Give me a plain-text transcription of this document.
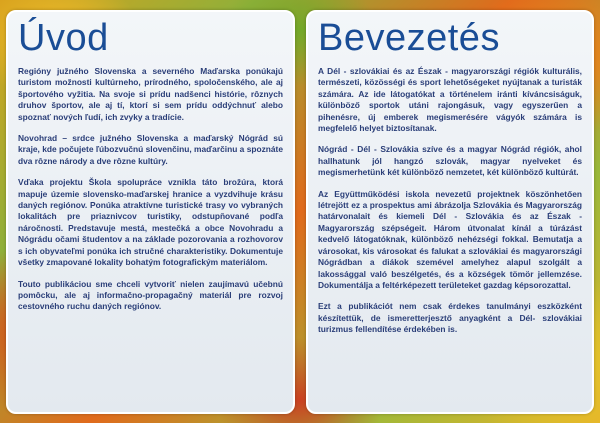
Úvod

Regióny južného Slovenska a severného Maďarska ponúkajú turistom možnosti kultúrneho, prírodného, spoločenského, ale aj športového vyžitia. Na svoje si prídu nadšenci histórie, rôznych druhov športov, ale aj tí, ktorí si sem prídu oddýchnuť alebo spoznať nových ľudí, ich zvyky a tradície.

Novohrad – srdce južného Slovenska a maďarský Nógrád sú kraje, kde počujete ľúbozvučnú slovenčinu, maďarčinu a spoznáte dva rôzne národy a dve rôzne kultúry.

Vďaka projektu Škola spolupráce vznikla táto brožúra, ktorá mapuje územie slovensko-maďarskej hranice a vyzdvihuje krásu daných regiónov. Ponúka atraktívne turistické trasy vo vybraných lokalitách pre priaznivcov turistiky, odstupňované podľa náročnosti. Predstavuje mestá, mestečká a obce Novohradu a Nógrádu očami študentov a na základe pozorovania a rozhovorov s ich obyvateľmi ponúka ich stručné charakteristiky. Dokumentuje všetky zmapované lokality bohatým fotografickým materiálom.

Touto publikáciou sme chceli vytvoriť nielen zaujímavú učebnú pomôcku, ale aj informačno-propagačný materiál pre rozvoj cestovného ruchu daných regiónov.

Bevezetés

A Dél - szlovákiai és az Észak - magyarországi régiók kulturális, természeti, közösségi és sport lehetőségeket nyújtanak a turisták számára. Az ide látogatókat a történelem iránti kíváncsiságuk, különböző sportok utáni rajongásuk, vagy egyszerűen a pihenésre, új emberek megismerésére vágyók számára is megfelelő helyet biztosítanak.

Nógrád - Dél - Szlovákia szíve és a magyar Nógrád régiók, ahol hallhatunk jól hangzó szlovák, magyar nyelveket és megismerhetünk két különböző nemzetet, két különböző kultúrát.

Az Együttműködési iskola nevezetű projektnek köszönhetően létrejött ez a prospektus ami ábrázolja Szlovákia és Magyarország határvonalait és kiemeli Dél - Szlovákia és az Észak - Magyarország szépségeit. Három útvonalat kínál a túrázást kedvelő látogatóknak, különböző nehézségi fokkal. Bemutatja a városokat, kis városokat és falukat a szlovákiai és magyarországi Nógrádban a diákok szemével amelyhez alapul szolgált a lakossággal való beszélgetés, és a községek tömör jellemzése. Dokumentálja a feltérképezett területeket gazdag képsorozattal.

Ezt a publikációt nem csak érdekes tanulmányi eszközként készítettük, de ismeretterjesztő anyagként a Dél- szlovákiai turizmus fellendítése érdekében is.
